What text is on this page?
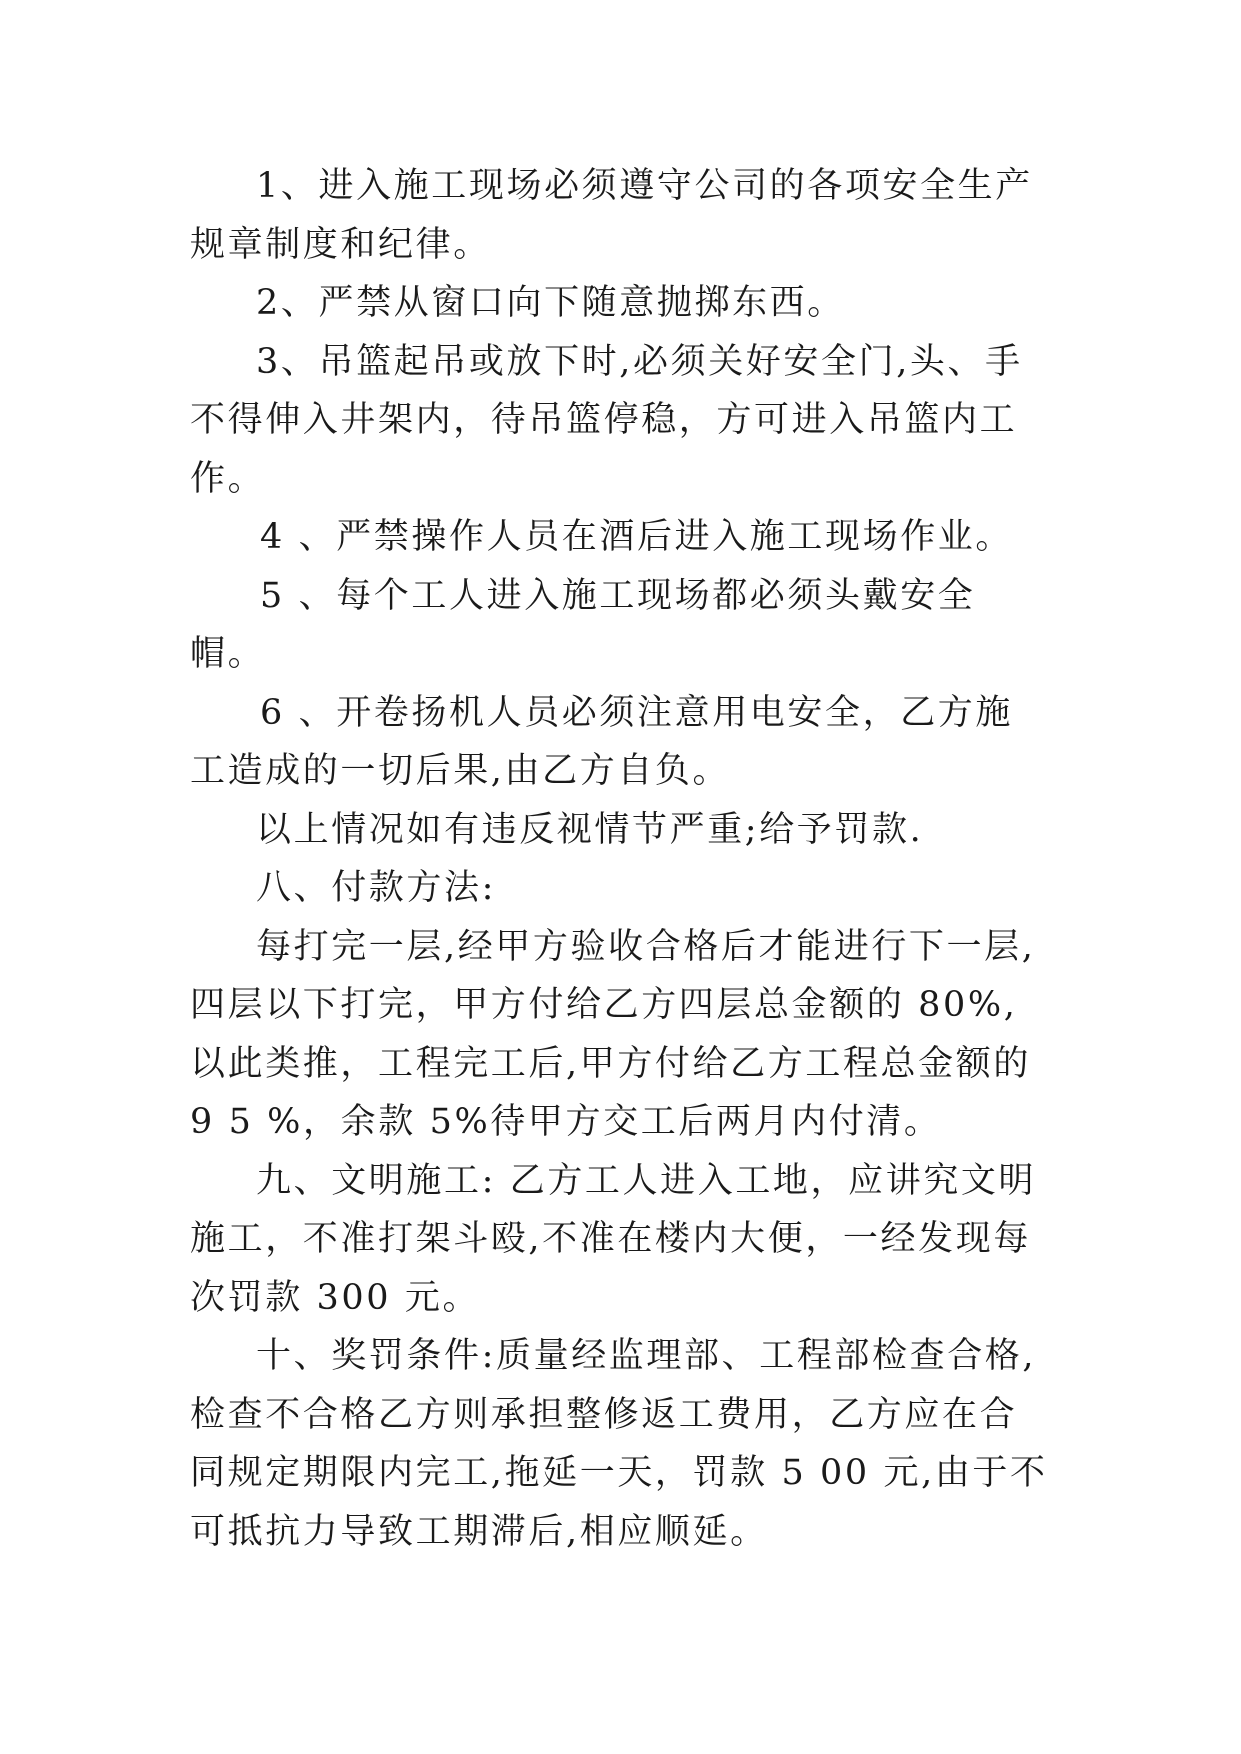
1、进入施工现场必须遵守公司的各项安全生产规章制度和纪律。

2、严禁从窗口向下随意抛掷东西。

3、吊篮起吊或放下时,必须关好安全门,头、手不得伸入井架内，待吊篮停稳，方可进入吊篮内工作。

4 、严禁操作人员在酒后进入施工现场作业。

5 、每个工人进入施工现场都必须头戴安全帽。

6 、开卷扬机人员必须注意用电安全，乙方施工造成的一切后果,由乙方自负。

以上情况如有违反视情节严重;给予罚款.

八、付款方法:

每打完一层,经甲方验收合格后才能进行下一层,四层以下打完，甲方付给乙方四层总金额的 80%,以此类推，工程完工后,甲方付给乙方工程总金额的 9 5 %，余款 5%待甲方交工后两月内付清。

九、文明施工: 乙方工人进入工地，应讲究文明施工，不准打架斗殴,不准在楼内大便，一经发现每次罚款 300 元。

十、奖罚条件:质量经监理部、工程部检查合格,检查不合格乙方则承担整修返工费用，乙方应在合同规定期限内完工,拖延一天，罚款 5 00 元,由于不可抵抗力导致工期滞后,相应顺延。
